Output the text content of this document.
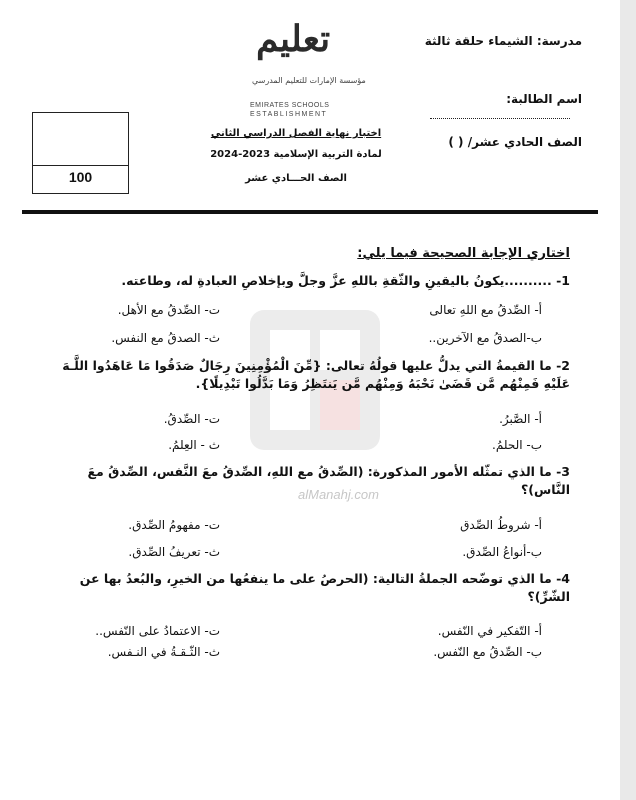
مدرسة: الشيماء حلقة ثالثة
اسم الطالبة:
الصف الحادي عشر/ ( )
تعليم
مؤسسة الإمارات للتعليم المدرسي
EMIRATES SCHOOLS
ESTABLISHMENT
اختبار نهاية الفصل الدراسي الثاني
لمادة التربية الإسلامية 2023-2024
الصف الحـــادي عشر
100
alManahj.com
اختاري الإجابة الصحيحة فيما يلي:
1- ..........يكونُ باليقينِ والثّقةِ باللهِ عزَّ وجلَّ وبإخلاصِ العبادةِ له، وطاعته.
أ- الصِّدقُ مع اللهِ تعالى
ت- الصِّدقُ مع الأهل.
ب-الصدقُ مع الآخرين..
ث- الصدقُ مع النفس.
2- ما القيمةُ التي يدلُّ عليها قولُهُ تعالى: {مِّنَ الْمُؤْمِنِينَ رِجَالٌ صَدَقُوا مَا عَاهَدُوا اللَّـهَ عَلَيْهِ فَمِنْهُم مَّن قَضَىٰ نَحْبَهُ وَمِنْهُم مَّن يَنتَظِرُ وَمَا بَدَّلُوا تَبْدِيلًا}.
أ- الصَّبرُ.
ت- الصِّدقُ.
ب- الحلمُ.
ث - العِلمُ.
3- ما الذي تمثّله الأمور المذكورة: (الصِّدقُ مع اللهِ، الصِّدقُ معَ النَّفس، الصِّدقُ معَ النَّاس)؟
أ- شروطُ الصِّدق
ت- مفهومُ الصِّدق.
ب-أنواعُ الصِّدق.
ث- تعريفُ الصِّدق.
4- ما الذي توضّحه الجملةُ التالية: (الحرصُ على ما ينفعُها من الخيرِ، والبُعدُ بها عن الشّرِّ)؟
أ- التّفكير في النّفس.
ت- الاعتمادُ على النّفس..
ب- الصِّدقُ مع النّفس.
ث- الثّـقـةُ في النـفس.
